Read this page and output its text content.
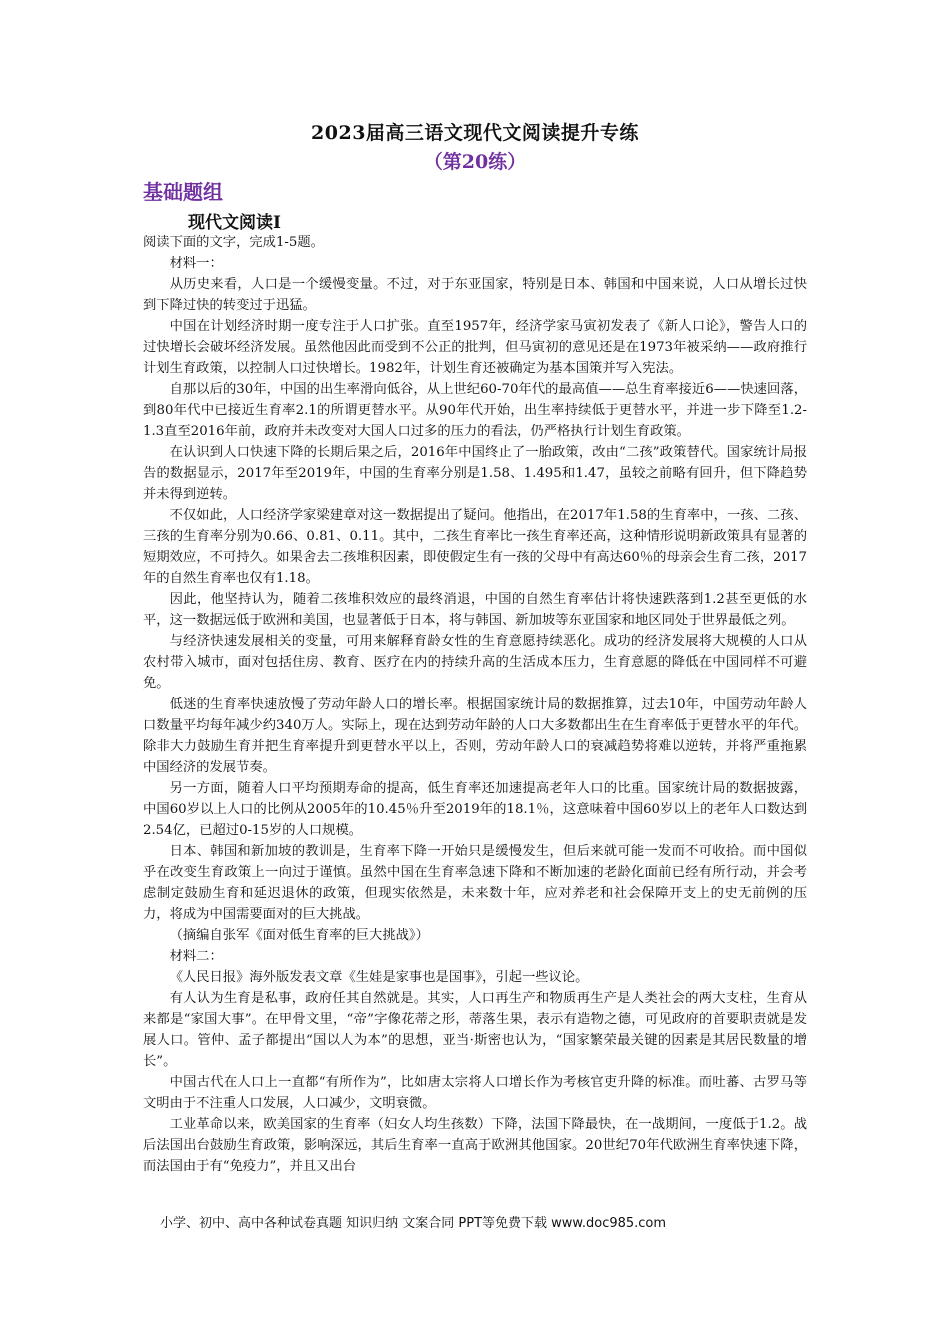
2023届高三语文现代文阅读提升专练
（第20练）
基础题组
现代文阅读Ⅰ

阅读下面的文字，完成1-5题。

材料一：

从历史来看，人口是一个缓慢变量。不过，对于东亚国家，特别是日本、韩国和中国来说，人口从增长过快到下降过快的转变过于迅猛。

中国在计划经济时期一度专注于人口扩张。直至1957年，经济学家马寅初发表了《新人口论》，警告人口的过快增长会破坏经济发展。虽然他因此而受到不公正的批判，但马寅初的意见还是在1973年被采纳——政府推行计划生育政策，以控制人口过快增长。1982年，计划生育还被确定为基本国策并写入宪法。

自那以后的30年，中国的出生率滑向低谷，从上世纪60-70年代的最高值——总生育率接近6——快速回落，到80年代中已接近生育率2.1的所谓更替水平。从90年代开始，出生率持续低于更替水平，并进一步下降至1.2-1.3直至2016年前，政府并未改变对大国人口过多的压力的看法，仍严格执行计划生育政策。

在认识到人口快速下降的长期后果之后，2016年中国终止了一胎政策，改由“二孩”政策替代。国家统计局报告的数据显示，2017年至2019年，中国的生育率分别是1.58、1.495和1.47，虽较之前略有回升，但下降趋势并未得到逆转。

不仅如此，人口经济学家梁建章对这一数据提出了疑问。他指出，在2017年1.58的生育率中，一孩、二孩、三孩的生育率分别为0.66、0.81、0.11。其中，二孩生育率比一孩生育率还高，这种情形说明新政策具有显著的短期效应，不可持久。如果舍去二孩堆积因素，即使假定生有一孩的父母中有高达60％的母亲会生育二孩，2017年的自然生育率也仅有1.18。

因此，他坚持认为，随着二孩堆积效应的最终消退，中国的自然生育率估计将快速跌落到1.2甚至更低的水平，这一数据远低于欧洲和美国，也显著低于日本，将与韩国、新加坡等东亚国家和地区同处于世界最低之列。

与经济快速发展相关的变量，可用来解释育龄女性的生育意愿持续恶化。成功的经济发展将大规模的人口从农村带入城市，面对包括住房、教育、医疗在内的持续升高的生活成本压力，生育意愿的降低在中国同样不可避免。

低迷的生育率快速放慢了劳动年龄人口的增长率。根据国家统计局的数据推算，过去10年，中国劳动年龄人口数量平均每年减少约340万人。实际上，现在达到劳动年龄的人口大多数都出生在生育率低于更替水平的年代。除非大力鼓励生育并把生育率提升到更替水平以上，否则，劳动年龄人口的衰减趋势将难以逆转，并将严重拖累中国经济的发展节奏。

另一方面，随着人口平均预期寿命的提高，低生育率还加速提高老年人口的比重。国家统计局的数据披露，中国60岁以上人口的比例从2005年的10.45％升至2019年的18.1％，这意味着中国60岁以上的老年人口数达到2.54亿，已超过0-15岁的人口规模。

日本、韩国和新加坡的教训是，生育率下降一开始只是缓慢发生，但后来就可能一发而不可收拾。而中国似乎在改变生育政策上一向过于谨慎。虽然中国在生育率急速下降和不断加速的老龄化面前已经有所行动，并会考虑制定鼓励生育和延迟退休的政策，但现实依然是，未来数十年，应对养老和社会保障开支上的史无前例的压力，将成为中国需要面对的巨大挑战。

（摘编自张军《面对低生育率的巨大挑战》）

材料二：

《人民日报》海外版发表文章《生娃是家事也是国事》，引起一些议论。

有人认为生育是私事，政府任其自然就是。其实，人口再生产和物质再生产是人类社会的两大支柱，生育从来都是“家国大事”。在甲骨文里，“帝”字像花蒂之形，蒂落生果，表示有造物之德，可见政府的首要职责就是发展人口。管仲、孟子都提出“国以人为本”的思想，亚当·斯密也认为，“国家繁荣最关键的因素是其居民数量的增长”。

中国古代在人口上一直都“有所作为”，比如唐太宗将人口增长作为考核官吏升降的标准。而吐蕃、古罗马等文明由于不注重人口发展，人口减少，文明衰微。

工业革命以来，欧美国家的生育率（妇女人均生孩数）下降，法国下降最快，在一战期间，一度低于1.2。战后法国出台鼓励生育政策，影响深远，其后生育率一直高于欧洲其他国家。20世纪70年代欧洲生育率快速下降，而法国由于有“免疫力”，并且又出台

小学、初中、高中各种试卷真题 知识归纳 文案合同 PPT等免费下载 www.doc985.com
